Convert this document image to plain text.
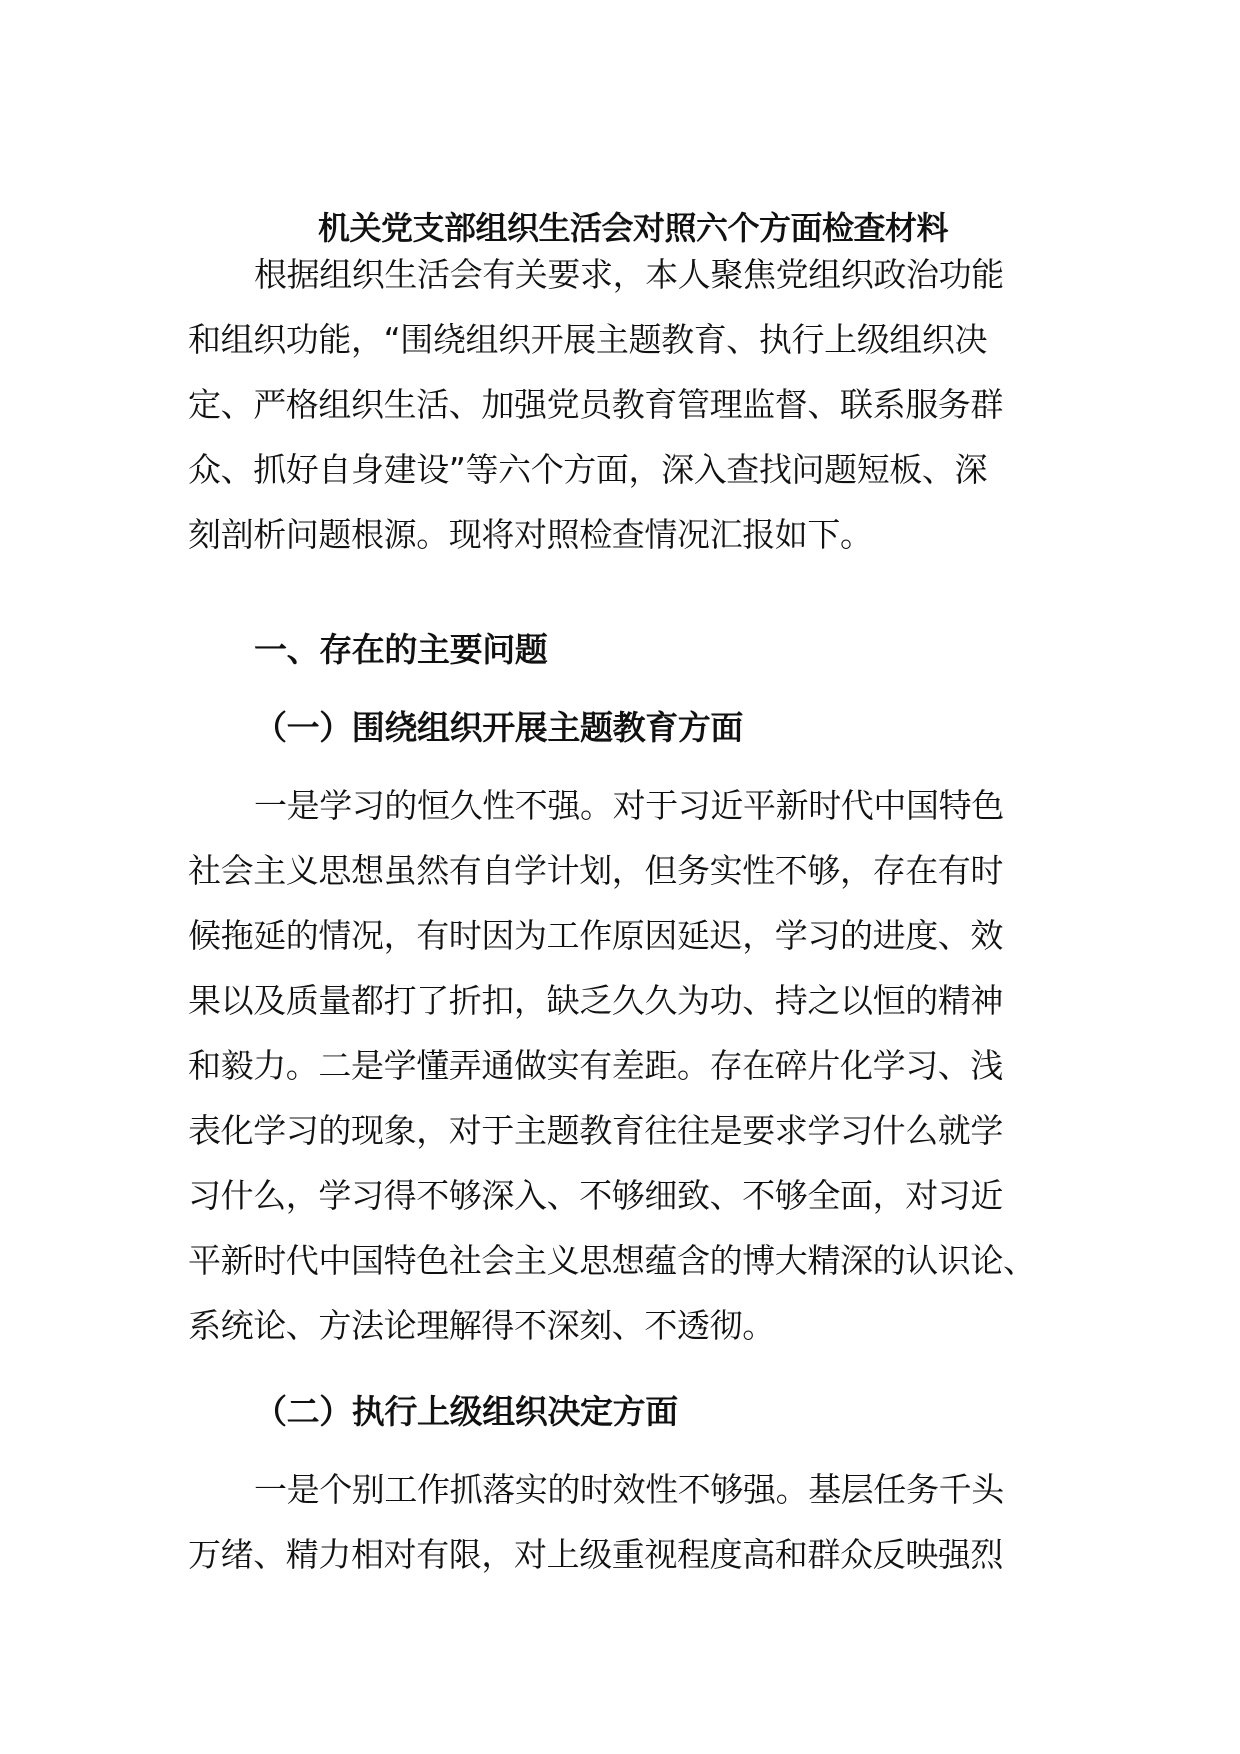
机关党支部组织生活会对照六个方面检查材料
根据组织生活会有关要求，本人聚焦党组织政治功能
和组织功能，“围绕组织开展主题教育、执行上级组织决
定、严格组织生活、加强党员教育管理监督、联系服务群
众、抓好自身建设”等六个方面，深入查找问题短板、深
刻剖析问题根源。现将对照检查情况汇报如下。
一、存在的主要问题
（一）围绕组织开展主题教育方面
一是学习的恒久性不强。对于习近平新时代中国特色
社会主义思想虽然有自学计划，但务实性不够，存在有时
候拖延的情况，有时因为工作原因延迟，学习的进度、效
果以及质量都打了折扣，缺乏久久为功、持之以恒的精神
和毅力。二是学懂弄通做实有差距。存在碎片化学习、浅
表化学习的现象，对于主题教育往往是要求学习什么就学
习什么，学习得不够深入、不够细致、不够全面，对习近
平新时代中国特色社会主义思想蕴含的博大精深的认识论、
系统论、方法论理解得不深刻、不透彻。
（二）执行上级组织决定方面
一是个别工作抓落实的时效性不够强。基层任务千头
万绪、精力相对有限，对上级重视程度高和群众反映强烈
